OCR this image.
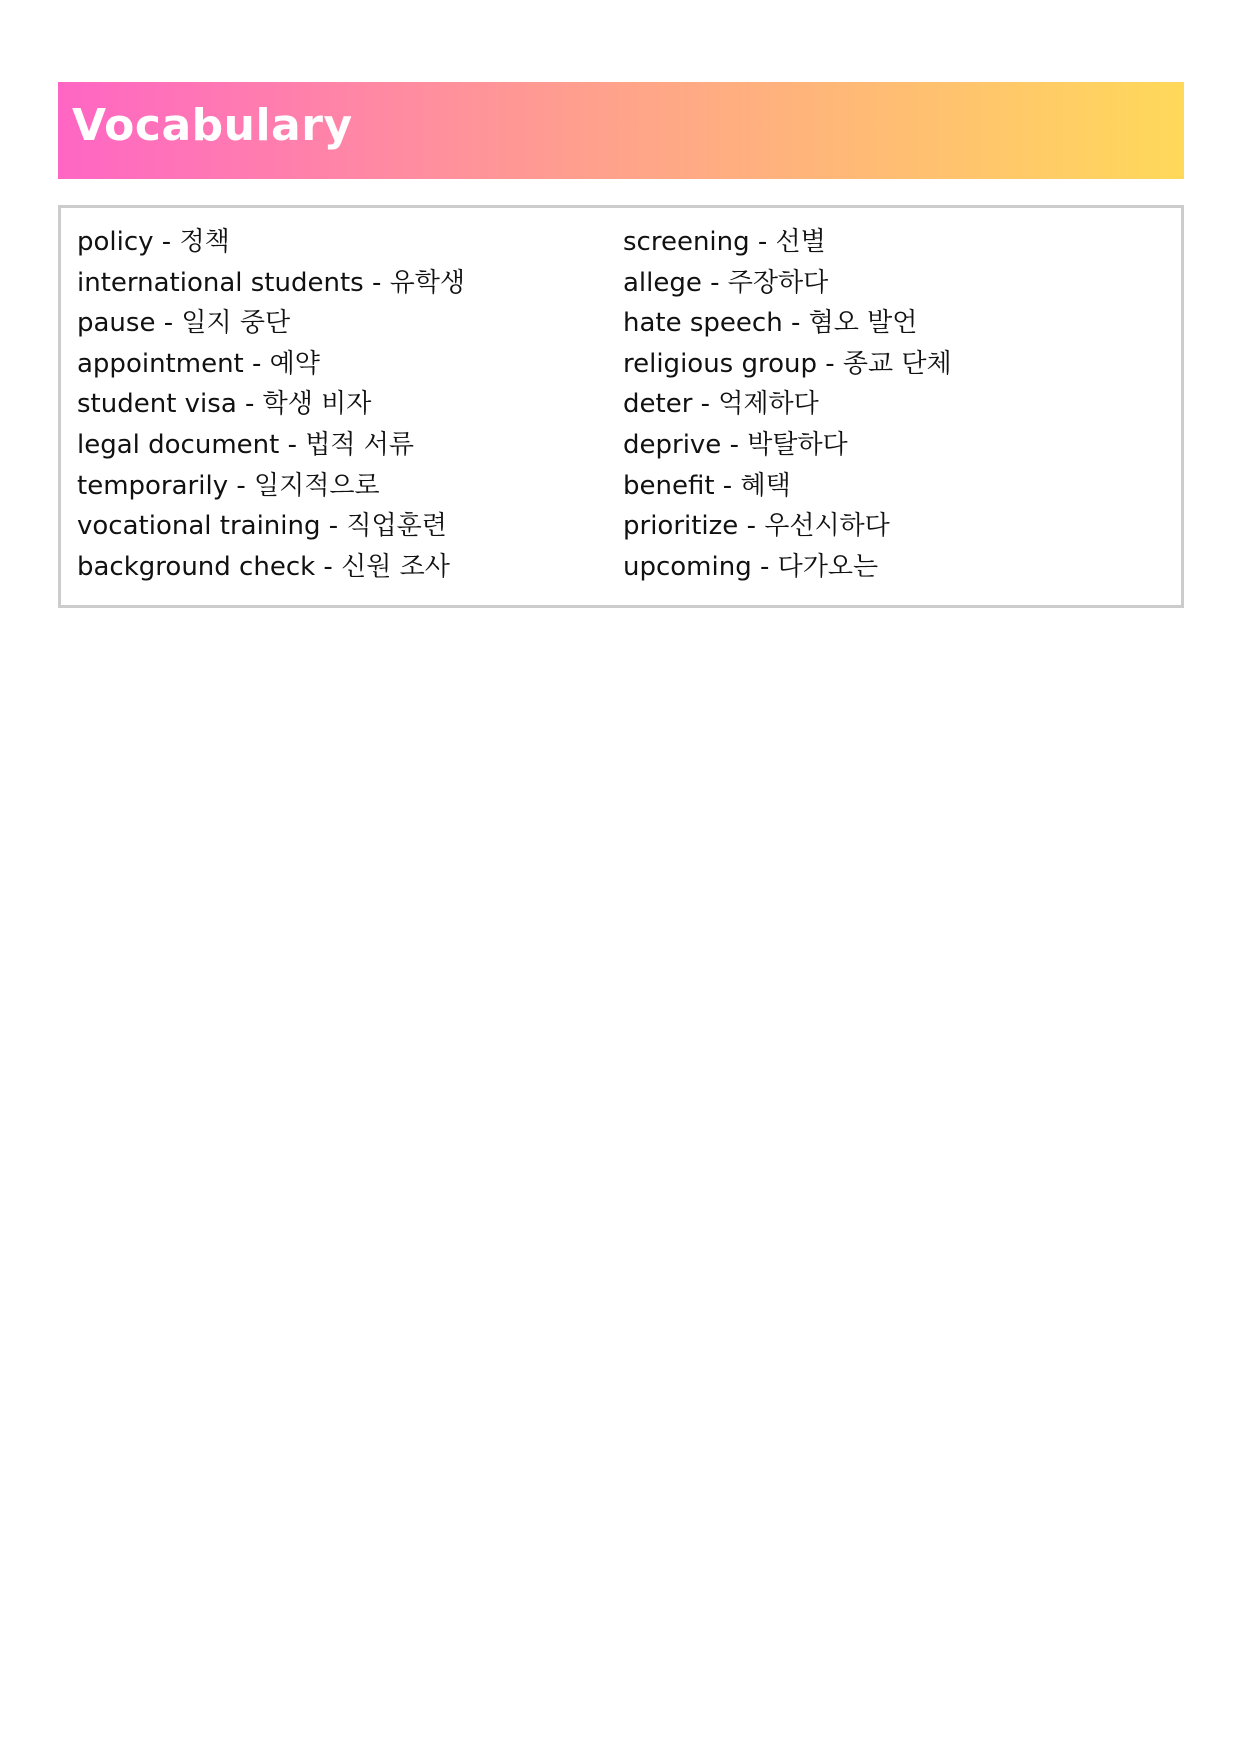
Vocabulary
policy - 정책
international students - 유학생
pause - 일지 중단
appointment - 예약
student visa - 학생 비자
legal document - 법적 서류
temporarily - 일지적으로
vocational training - 직업훈련
background check - 신원 조사
screening - 선별
allege - 주장하다
hate speech - 혐오 발언
religious group - 종교 단체
deter - 억제하다
deprive - 박탈하다
benefit - 혜택
prioritize - 우선시하다
upcoming - 다가오는
